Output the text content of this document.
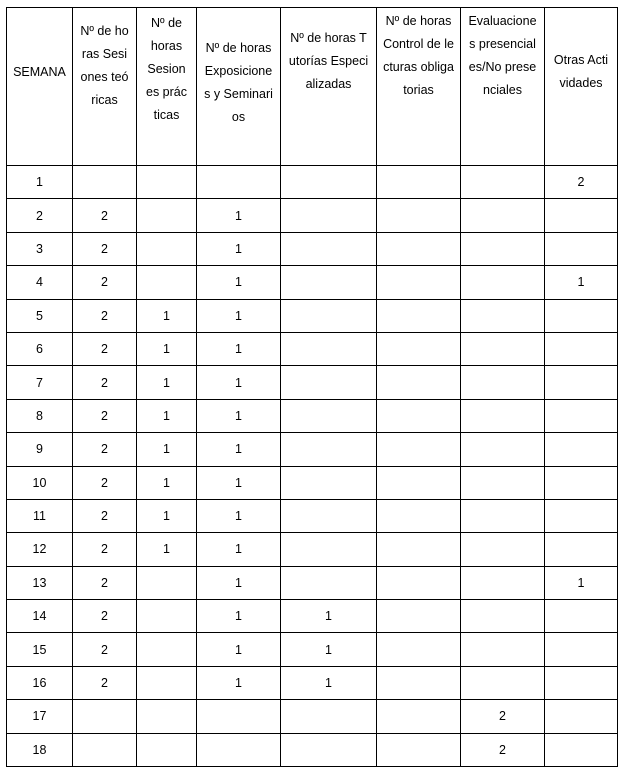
SEMANA	Nº de horas Sesiones teóricas	Nº de horas Sesiones prácticas	Nº de horas Exposiciones y Seminarios	Nº de horas Tutorías Especializadas	Nº de horas Control de lecturas obligatorias	Evaluaciones presenciales/No presenciales	Otras Actividades

1							2
2	2		1				
3	2		1				
4	2		1				1
5	2	1	1				
6	2	1	1				
7	2	1	1				
8	2	1	1				
9	2	1	1				
10	2	1	1				
11	2	1	1				
12	2	1	1				
13	2		1				1
14	2		1	1			
15	2		1	1			
16	2		1	1			
17						2	
18						2	
